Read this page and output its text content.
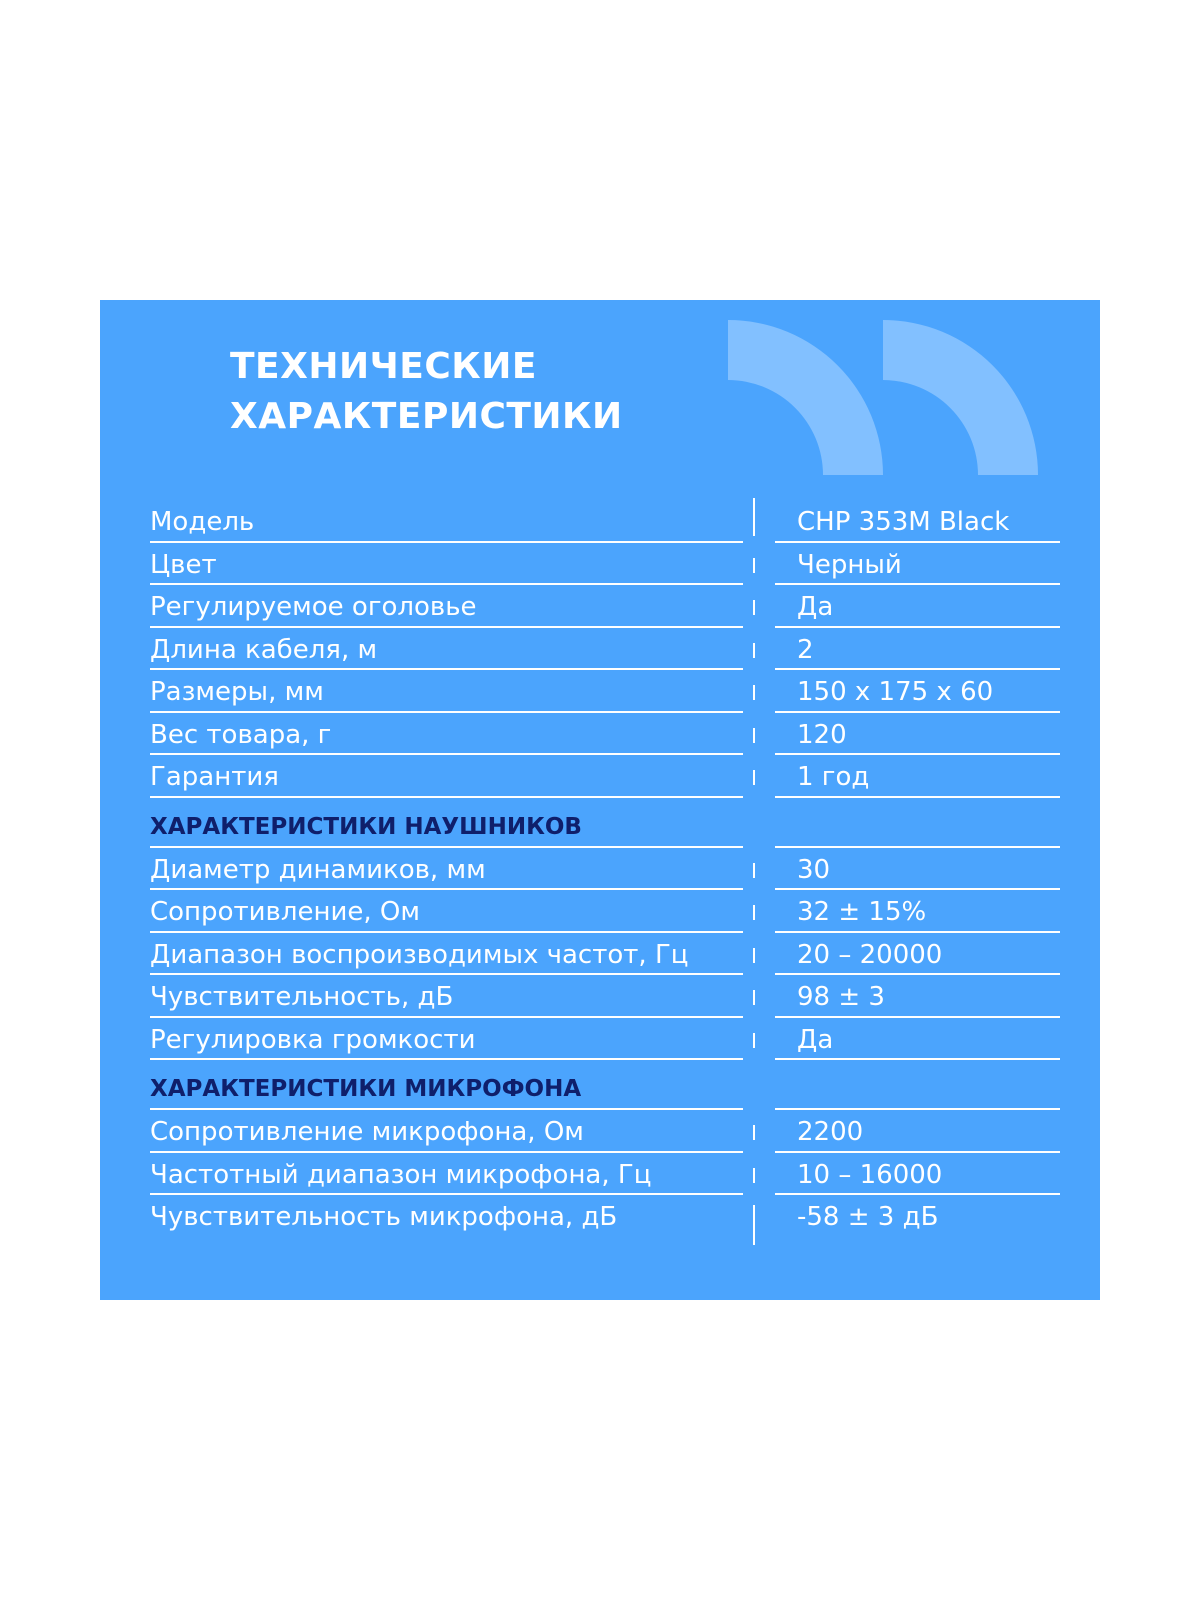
ТЕХНИЧЕСКИЕ
ХАРАКТЕРИСТИКИ
Модель	CHP 353M Black
Цвет	Черный
Регулируемое оголовье	Да
Длина кабеля, м	2
Размеры, мм	150 x 175 x 60
Вес товара, г	120
Гарантия	1 год
ХАРАКТЕРИСТИКИ НАУШНИКОВ
Диаметр динамиков, мм	30
Сопротивление, Ом	32 ± 15%
Диапазон воспроизводимых частот, Гц	20 – 20000
Чувствительность, дБ	98 ± 3
Регулировка громкости	Да
ХАРАКТЕРИСТИКИ МИКРОФОНА
Сопротивление микрофона, Ом	2200
Частотный диапазон микрофона, Гц	10 – 16000
Чувствительность микрофона, дБ	-58 ± 3 дБ
